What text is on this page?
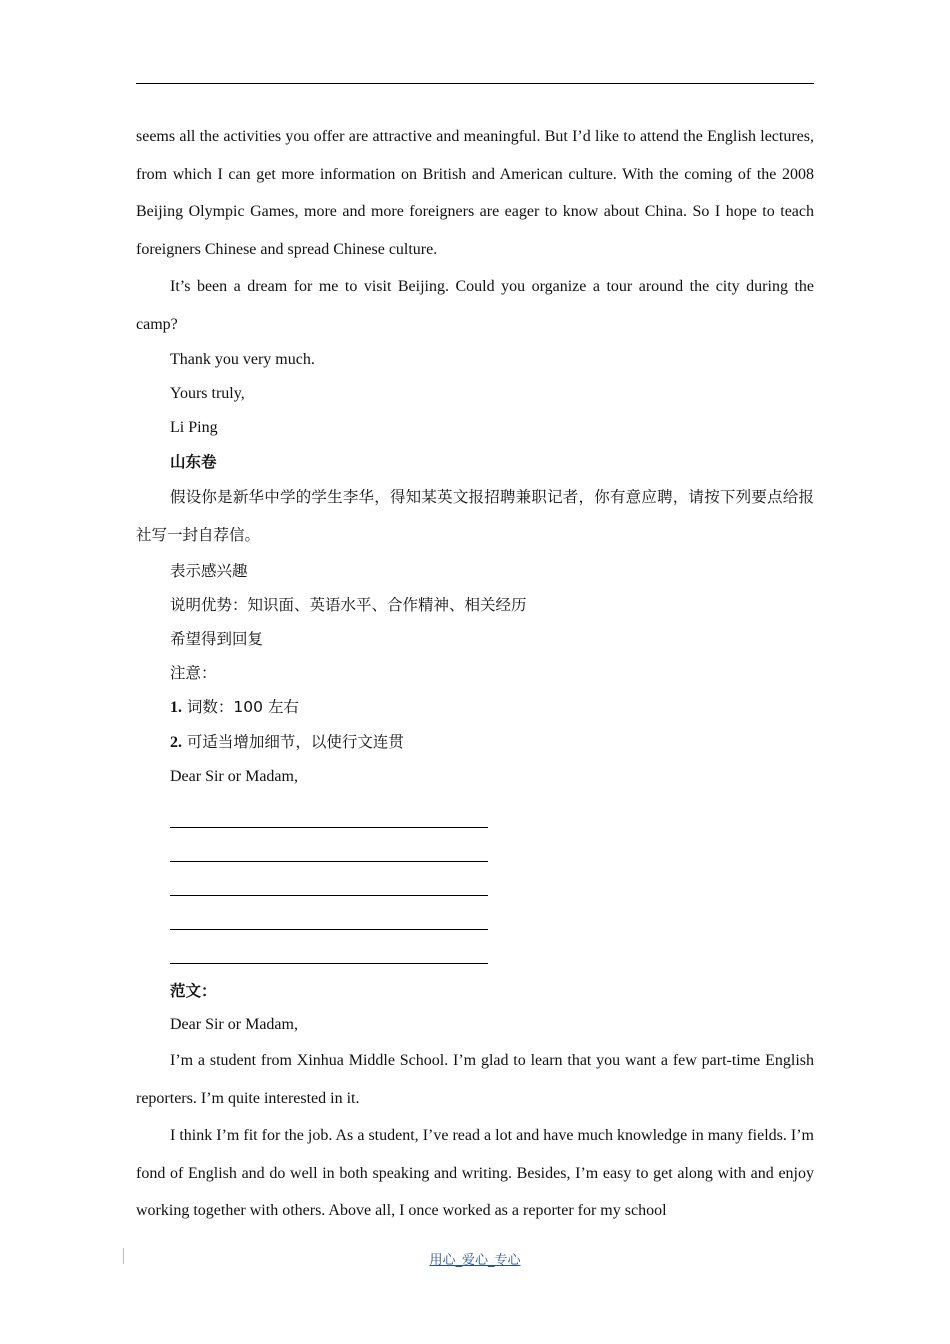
seems all the activities you offer are attractive and meaningful. But I’d like to attend the English lectures, from which I can get more information on British and American culture. With the coming of the 2008 Beijing Olympic Games, more and more foreigners are eager to know about China. So I hope to teach foreigners Chinese and spread Chinese culture.

It’s been a dream for me to visit Beijing. Could you organize a tour around the city during the camp?

Thank you very much.

Yours truly,

Li Ping

山东卷

假设你是新华中学的学生李华，得知某英文报招聘兼职记者，你有意应聘，请按下列要点给报社写一封自荐信。

表示感兴趣

说明优势：知识面、英语水平、合作精神、相关经历

希望得到回复

注意：

1. 词数：100 左右

2. 可适当增加细节，以使行文连贯

Dear Sir or Madam,

范文：

Dear Sir or Madam,

I’m a student from Xinhua Middle School. I’m glad to learn that you want a few part-time English reporters. I’m quite interested in it.

I think I’m fit for the job. As a student, I’ve read a lot and have much knowledge in many fields. I’m fond of English and do well in both speaking and writing. Besides, I’m easy to get along with and enjoy working together with others. Above all, I once worked as a reporter for my school

用心_爱心_专心
